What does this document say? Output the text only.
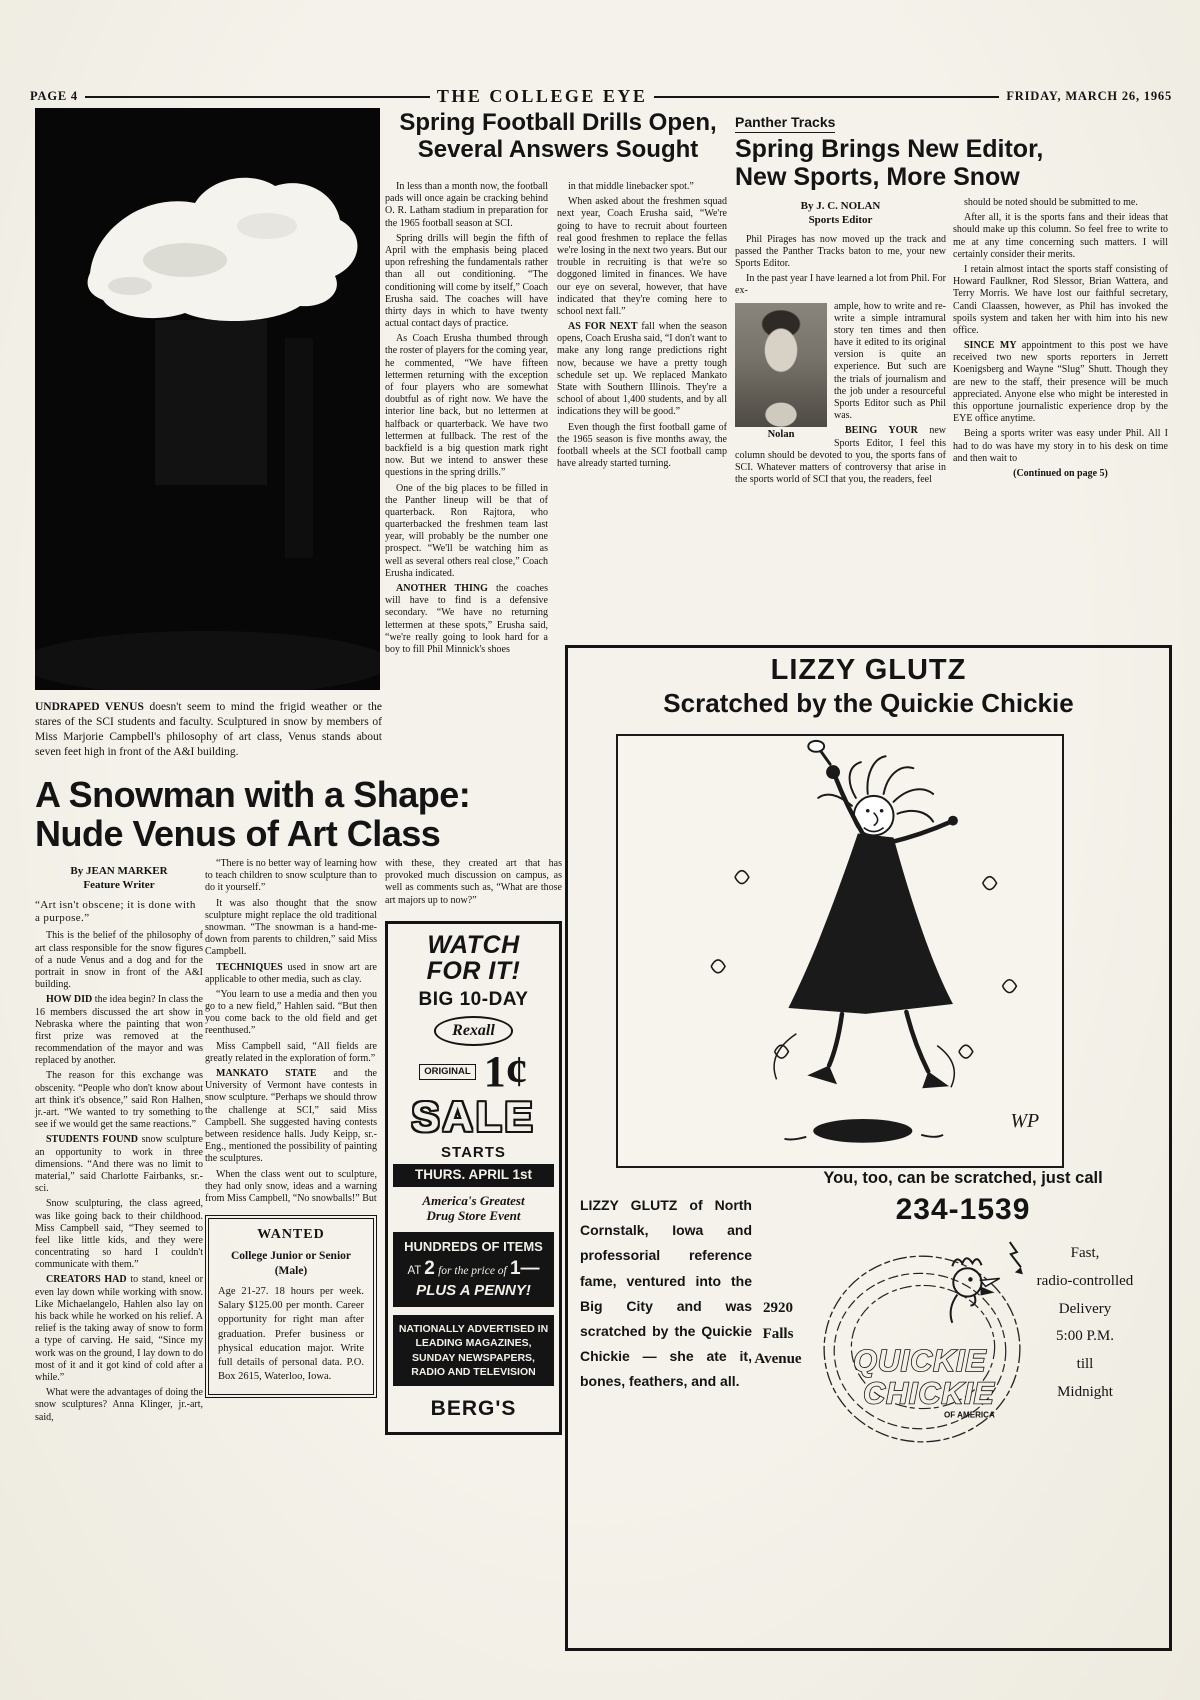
PAGE 4	THE COLLEGE EYE	FRIDAY, MARCH 26, 1965

UNDRAPED VENUS doesn't seem to mind the frigid weather or the stares of the SCI students and faculty. Sculptured in snow by members of Miss Marjorie Campbell's philosophy of art class, Venus stands about seven feet high in front of the A&I building.

Spring Football Drills Open,
Several Answers Sought

In less than a month now, the football pads will once again be cracking behind O. R. Latham stadium in preparation for the 1965 football season at SCI.

Spring drills will begin the fifth of April with the emphasis being placed upon refreshing the fundamentals rather than all out conditioning. “The conditioning will come by itself,” Coach Erusha said. The coaches will have thirty days in which to have twenty actual contact days of practice.

As Coach Erusha thumbed through the roster of players for the coming year, he commented, “We have fifteen lettermen returning with the exception of four players who are somewhat doubtful as of right now. We have the interior line back, but no lettermen at halfback or quarterback. We have two lettermen at fullback. The rest of the backfield is a big question mark right now. But we intend to answer these questions in the spring drills.”

One of the big places to be filled in the Panther lineup will be that of quarterback. Ron Rajtora, who quarterbacked the freshmen team last year, will probably be the number one prospect. “We'll be watching him as well as several others real close,” Coach Erusha indicated.

ANOTHER THING the coaches will have to find is a defensive secondary. “We have no returning lettermen at these spots,” Erusha said, “we're really going to look hard for a boy to fill Phil Minnick's shoes

in that middle linebacker spot.”

When asked about the freshmen squad next year, Coach Erusha said, “We're going to have to recruit about fourteen real good freshmen to replace the fellas we're losing in the next two years. But our trouble in recruiting is that we're so doggoned limited in finances. We have our eye on several, however, that have indicated that they're coming here to school next fall.”

AS FOR NEXT fall when the season opens, Coach Erusha said, “I don't want to make any long range predictions right now, because we have a pretty tough schedule set up. We replaced Mankato State with Southern Illinois. They're a school of about 1,400 students, and by all indications they will be good.”

Even though the first football game of the 1965 season is five months away, the football wheels at the SCI football camp have already started turning.

Panther Tracks
Spring Brings New Editor,
New Sports, More Snow
By J. C. NOLAN
Sports Editor

Phil Pirages has now moved up the track and passed the Panther Tracks baton to me, your new Sports Editor.

In the past year I have learned a lot from Phil. For ex-

Nolan

ample, how to write and re-write a simple intramural story ten times and then have it edited to its original version is quite an experience. But such are the trials of journalism and the job under a resourceful Sports Editor such as Phil was.

BEING YOUR new Sports Editor, I feel this column should be devoted to you, the sports fans of SCI. Whatever matters of controversy that arise in the sports world of SCI that you, the readers, feel

should be noted should be submitted to me.

After all, it is the sports fans and their ideas that should make up this column. So feel free to write to me at any time concerning such matters. I will certainly consider their merits.

I retain almost intact the sports staff consisting of Howard Faulkner, Rod Slessor, Brian Wattera, and Terry Morris. We have lost our faithful secretary, Candi Claassen, however, as Phil has invoked the spoils system and taken her with him into his new office.

SINCE MY appointment to this post we have received two new sports reporters in Jerrett Koenigsberg and Wayne “Slug” Shutt. Though they are new to the staff, their presence will be much appreciated. Anyone else who might be interested in this opportune journalistic experience drop by the EYE office anytime.

Being a sports writer was easy under Phil. All I had to do was have my story in to his desk on time and then wait to

(Continued on page 5)

A Snowman with a Shape:
Nude Venus of Art Class
By JEAN MARKER
Feature Writer

“Art isn't obscene; it is done with a purpose.”

This is the belief of the philosophy of art class responsible for the snow figures of a nude Venus and a dog and for the portrait in snow in front of the A&I building.

HOW DID the idea begin? In class the 16 members discussed the art show in Nebraska where the painting that won first prize was removed at the recommendation of the mayor and was replaced by another.

The reason for this exchange was obscenity. “People who don't know about art think it's obsence,” said Ron Halhen, jr.-art. “We wanted to try something to see if we would get the same reactions.”

STUDENTS FOUND snow sculpture an opportunity to work in three dimensions. “And there was no limit to material,” said Charlotte Fairbanks, sr.-sci.

Snow sculpturing, the class agreed, was like going back to their childhood. Miss Campbell said, “They seemed to feel like little kids, and they were concentrating so hard I couldn't communicate with them.”

CREATORS HAD to stand, kneel or even lay down while working with snow. Like Michaelangelo, Hahlen also lay on his back while he worked on his relief. A relief is the taking away of snow to form a type of carving. He said, “Since my work was on the ground, I lay down to do most of it and it got kind of cold after a while.”

What were the advantages of doing the snow sculptures? Anna Klinger, jr.-art, said,

“There is no better way of learning how to teach children to snow sculpture than to do it yourself.”

It was also thought that the snow sculpture might replace the old traditional snowman. “The snowman is a hand-me-down from parents to children,” said Miss Campbell.

TECHNIQUES used in snow art are applicable to other media, such as clay.

“You learn to use a media and then you go to a new field,” Hahlen said. “But then you come back to the old field and get reenthused.”

Miss Campbell said, “All fields are greatly related in the exploration of form.”

MANKATO STATE and the University of Vermont have contests in snow sculpture. “Perhaps we should throw the challenge at SCI,” said Miss Campbell. She suggested having contests between residence halls. Judy Keipp, sr.-Eng., mentioned the possibility of painting the sculptures.

When the class went out to sculpture, they had only snow, ideas and a warning from Miss Campbell, “No snowballs!” But

WANTED
College Junior or Senior
(Male)
Age 21-27. 18 hours per week. Salary $125.00 per month. Career opportunity for right man after graduation. Prefer business or physical education major. Write full details of personal data. P.O. Box 2615, Waterloo, Iowa.

with these, they created art that has provoked much discussion on campus, as well as comments such as, “What are those art majors up to now?”

WATCH
FOR IT!
BIG 10-DAY
Rexall
ORIGINAL 1¢
SALE
STARTS
THURS. APRIL 1st
America's Greatest
Drug Store Event
HUNDREDS OF ITEMS
AT 2 for the price of 1—
PLUS A PENNY!
NATIONALLY ADVERTISED IN
LEADING MAGAZINES,
SUNDAY NEWSPAPERS,
RADIO AND TELEVISION
BERG'S
LIZZY GLUTZ
Scratched by the Quickie Chickie
WP
LIZZY GLUTZ of North Cornstalk, Iowa and professorial reference fame, ventured into the Big City and was scratched by the Quickie Chickie — she ate it, bones, feathers, and all.
You, too, can be scratched, just call
234-1539
2920
Falls
Avenue	QUICKIE
CHICKIE
OF AMERICA
Fast,
radio-controlled
Delivery
5:00 P.M.
till
Midnight
